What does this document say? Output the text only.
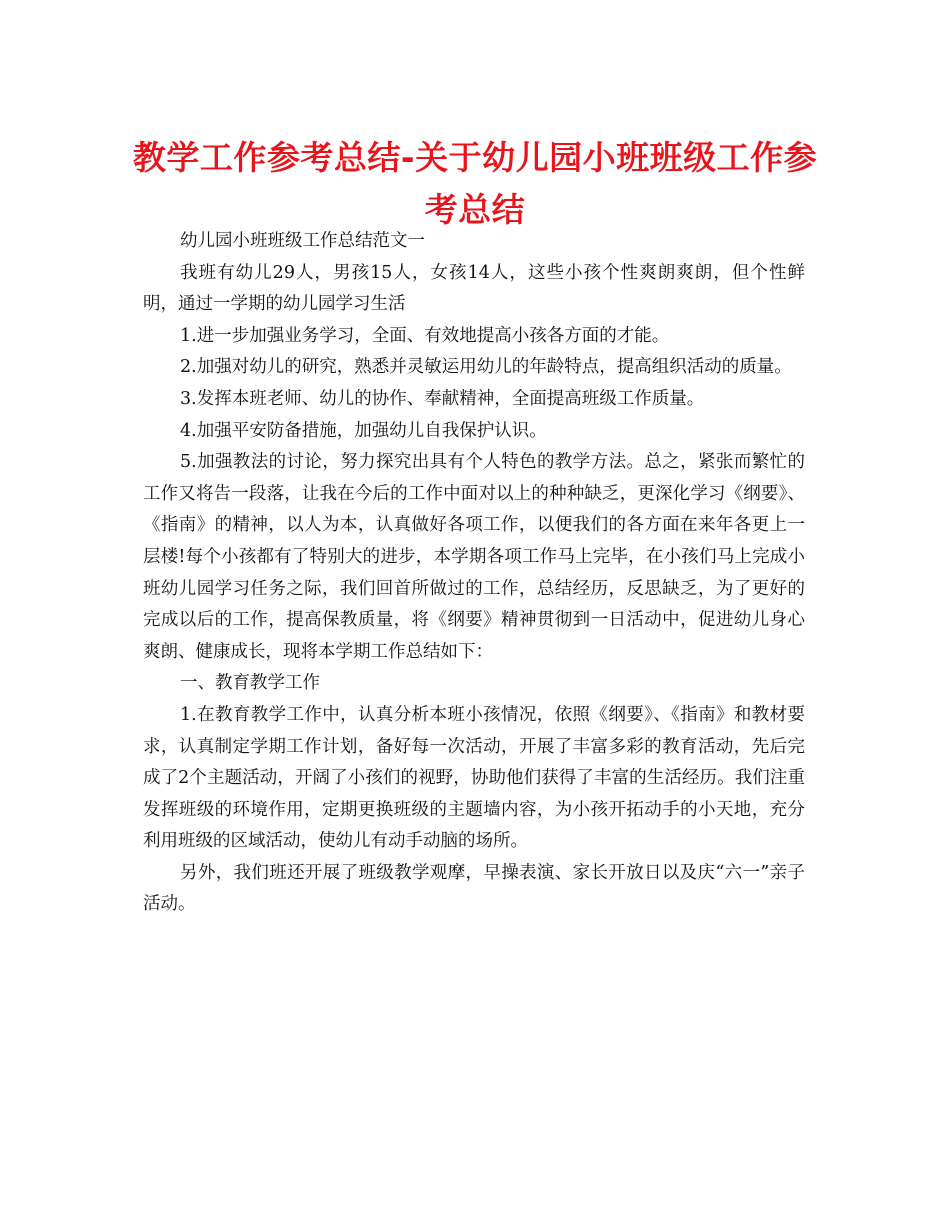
教学工作参考总结-关于幼儿园小班班级工作参考总结

幼儿园小班班级工作总结范文一

我班有幼儿29人，男孩15人，女孩14人，这些小孩个性爽朗爽朗，但个性鲜明，通过一学期的幼儿园学习生活

1.进一步加强业务学习，全面、有效地提高小孩各方面的才能。

2.加强对幼儿的研究，熟悉并灵敏运用幼儿的年龄特点，提高组织活动的质量。

3.发挥本班老师、幼儿的协作、奉献精神，全面提高班级工作质量。

4.加强平安防备措施，加强幼儿自我保护认识。

5.加强教法的讨论，努力探究出具有个人特色的教学方法。总之，紧张而繁忙的工作又将告一段落，让我在今后的工作中面对以上的种种缺乏，更深化学习《纲要》、《指南》的精神，以人为本，认真做好各项工作，以便我们的各方面在来年各更上一层楼!每个小孩都有了特别大的进步，本学期各项工作马上完毕，在小孩们马上完成小班幼儿园学习任务之际，我们回首所做过的工作，总结经历，反思缺乏，为了更好的完成以后的工作，提高保教质量，将《纲要》精神贯彻到一日活动中，促进幼儿身心爽朗、健康成长，现将本学期工作总结如下：

一、教育教学工作

1.在教育教学工作中，认真分析本班小孩情况，依照《纲要》、《指南》和教材要求，认真制定学期工作计划，备好每一次活动，开展了丰富多彩的教育活动，先后完成了2个主题活动，开阔了小孩们的视野，协助他们获得了丰富的生活经历。我们注重发挥班级的环境作用，定期更换班级的主题墙内容，为小孩开拓动手的小天地，充分利用班级的区域活动，使幼儿有动手动脑的场所。

另外，我们班还开展了班级教学观摩，早操表演、家长开放日以及庆“六一”亲子活动。
